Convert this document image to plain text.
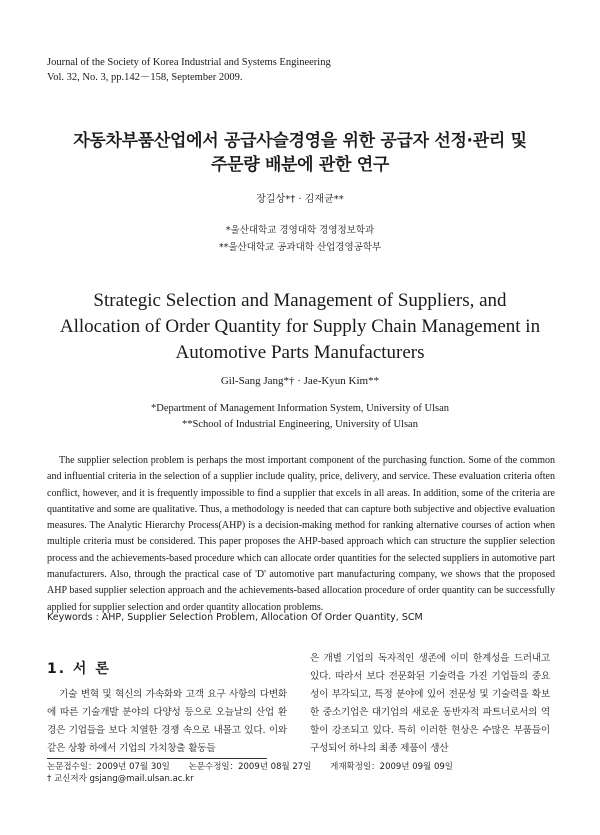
Journal of the Society of Korea Industrial and Systems Engineering
Vol. 32, No. 3, pp.142－158, September 2009.
자동차부품산업에서 공급사슬경영을 위한 공급자 선정·관리 및
주문량 배분에 관한 연구
장길상*† · 김재균**
*울산대학교 경영대학 경영정보학과
**울산대학교 공과대학 산업경영공학부
Strategic Selection and Management of Suppliers, and
Allocation of Order Quantity for Supply Chain Management in
Automotive Parts Manufacturers
Gil-Sang Jang*† · Jae-Kyun Kim**
*Department of Management Information System, University of Ulsan
**School of Industrial Engineering, University of Ulsan
The supplier selection problem is perhaps the most important component of the purchasing function. Some of the common and influential criteria in the selection of a supplier include quality, price, delivery, and service. These evaluation criteria often conflict, however, and it is frequently impossible to find a supplier that excels in all areas. In addition, some of the criteria are quantitative and some are qualitative. Thus, a methodology is needed that can capture both subjective and objective evaluation measures. The Analytic Hierarchy Process(AHP) is a decision-making method for ranking alternative courses of action when multiple criteria must be considered. This paper proposes the AHP-based approach which can structure the supplier selection process and the achievements-based procedure which can allocate order quantities for the selected suppliers in automotive part manufacturers. Also, through the practical case of 'D' automotive part manufacturing company, we shows that the proposed AHP based supplier selection approach and the achievements-based allocation procedure of order quantity can be successfully applied for supplier selection and order quantity allocation problems.
Keywords : AHP, Supplier Selection Problem, Allocation Of Order Quantity, SCM
1. 서 론

기술 변혁 및 혁신의 가속화와 고객 요구 사항의 다변화에 따른 기술개발 분야의 다양성 등으로 오늘날의 산업 환경은 기업들을 보다 치열한 경쟁 속으로 내몰고 있다. 이와 같은 상황 하에서 기업의 가치창출 활동들

은 개별 기업의 독자적인 생존에 이미 한계성을 드러내고 있다. 따라서 보다 전문화된 기술력을 가진 기업들의 중요성이 부각되고, 특정 분야에 있어 전문성 및 기술력을 확보한 중소기업은 대기업의 새로운 동반자적 파트너로서의 역할이 강조되고 있다. 특히 이러한 현상은 수많은 부품들이 구성되어 하나의 최종 제품이 생산

논문접수일：2009년 07월 30일 논문수정일：2009년 08월 27일 게재확정일：2009년 09월 09일
† 교신저자 gsjang@mail.ulsan.ac.kr
